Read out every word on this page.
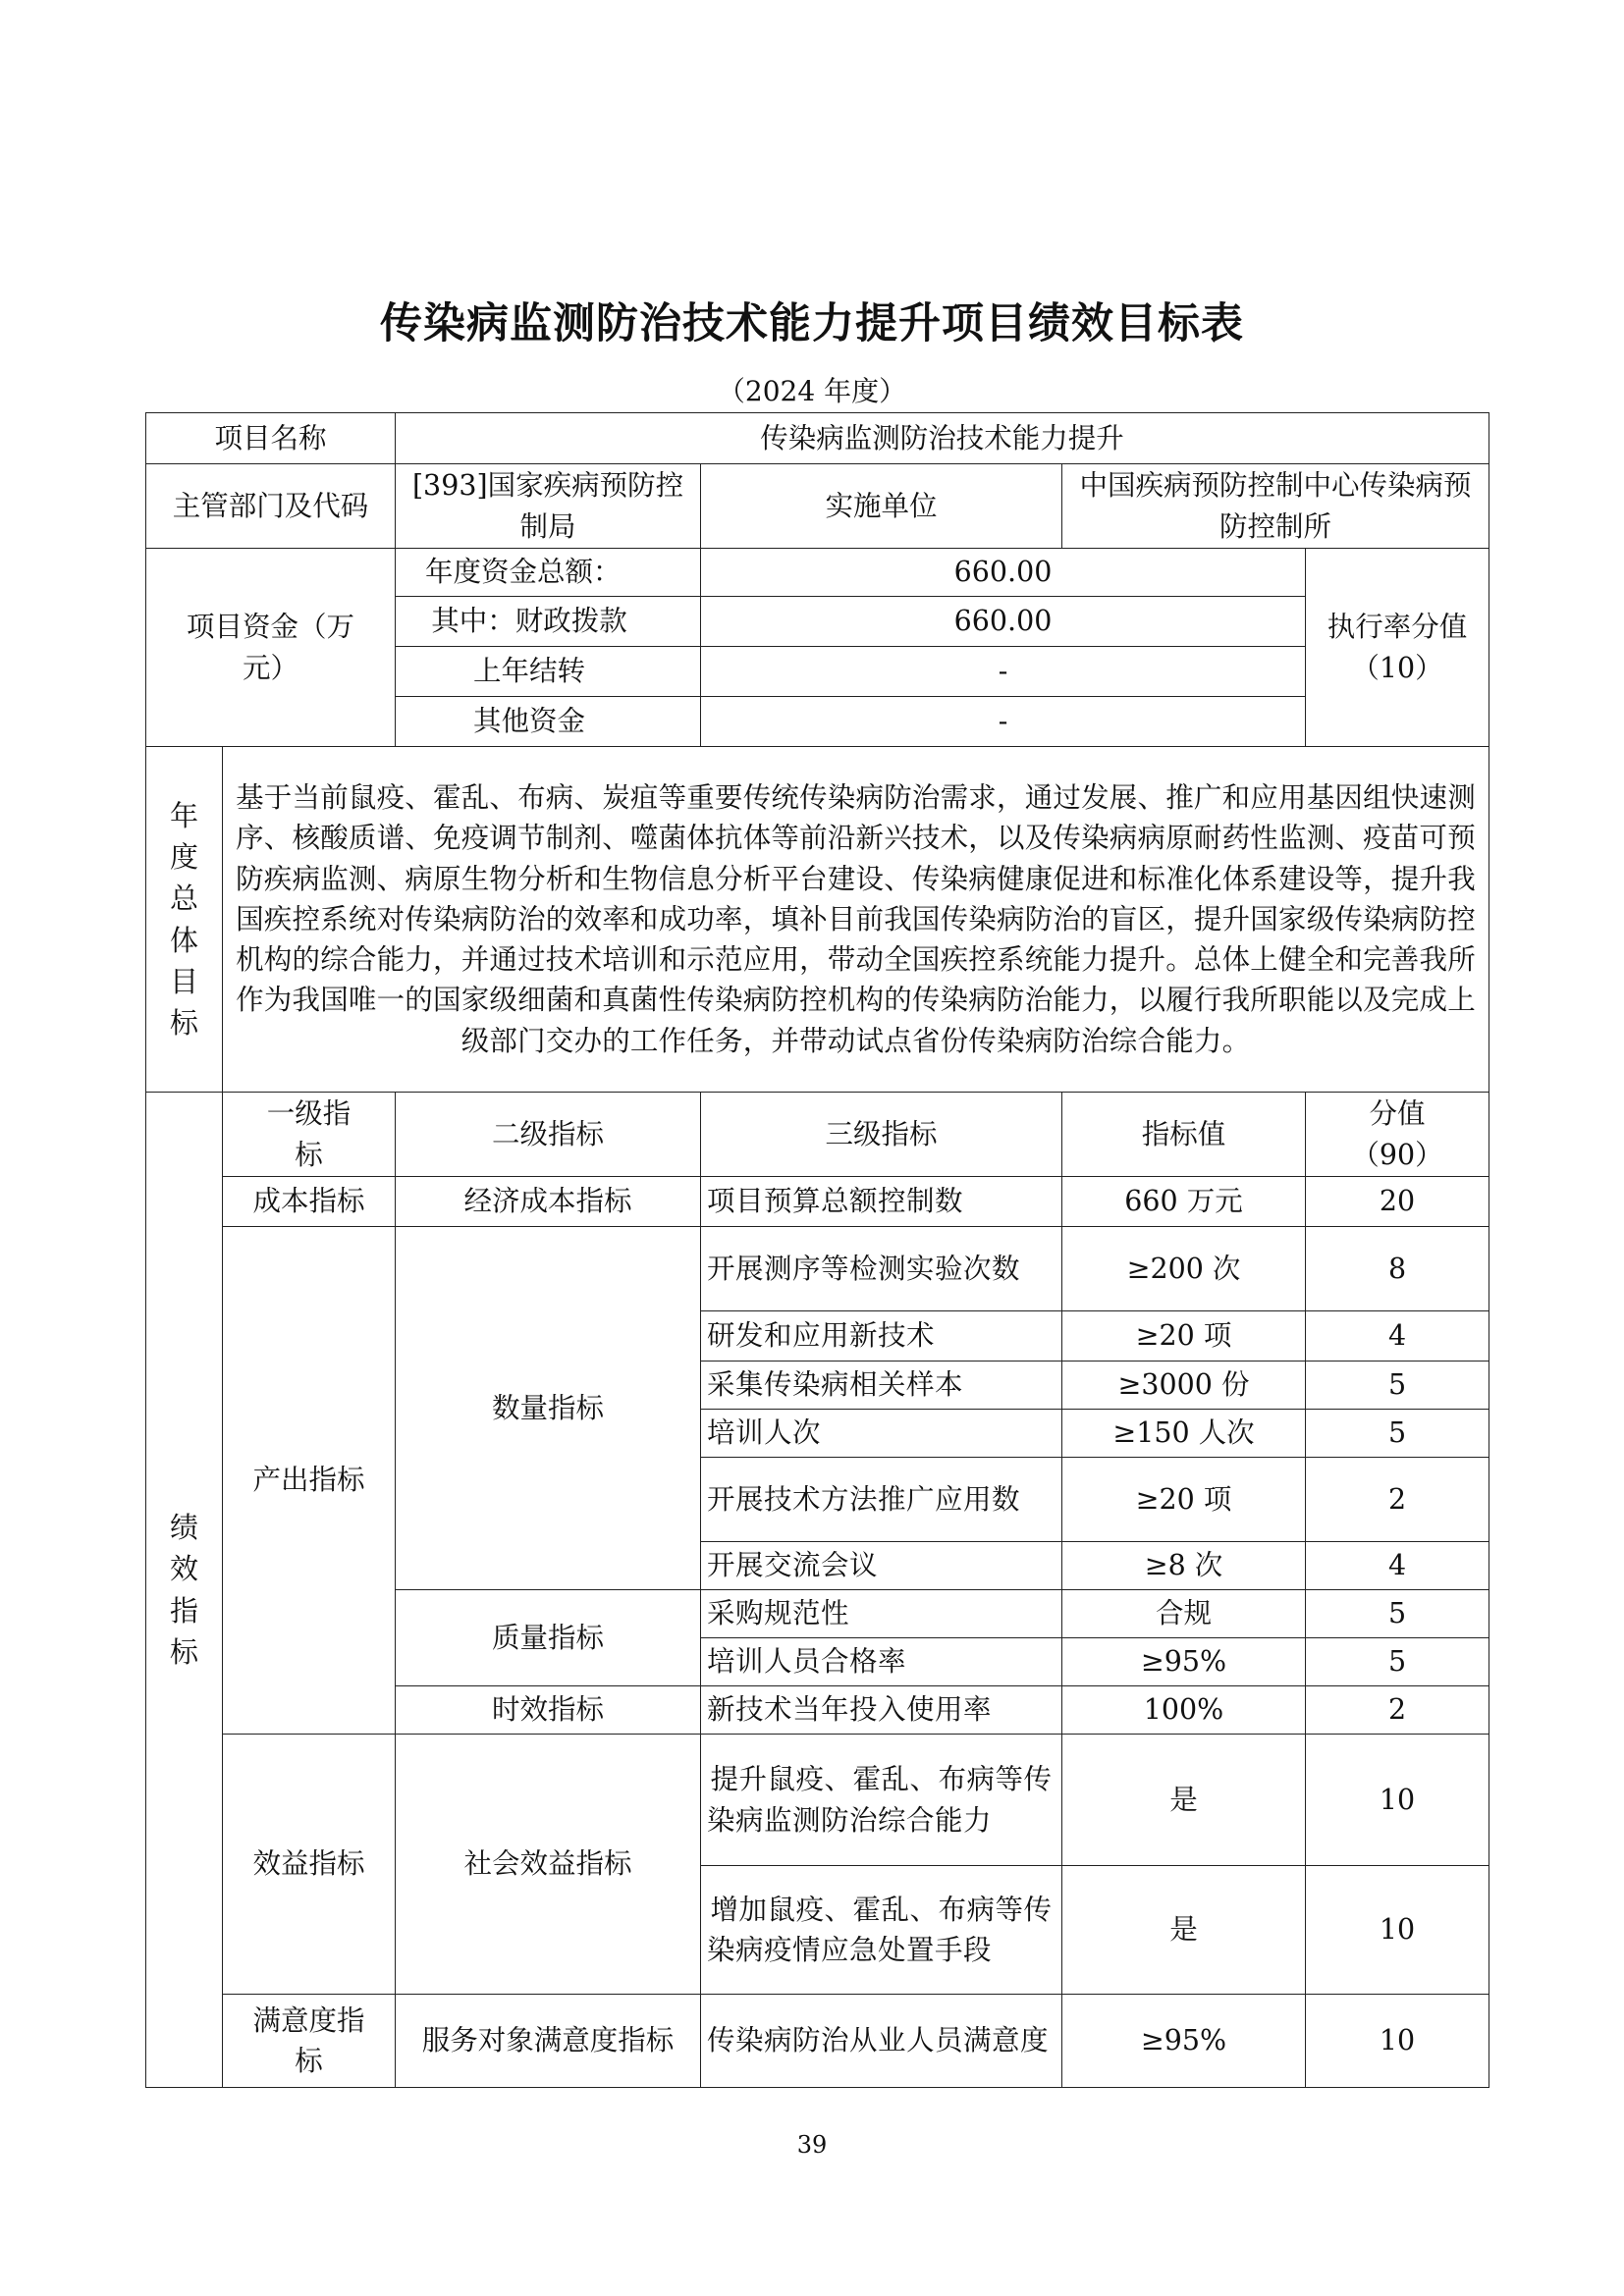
传染病监测防治技术能力提升项目绩效目标表
（2024 年度）
项目名称		传染病监测防治技术能力提升			
主管部门及代码		[393]国家疾病预防控制局	实施单位	中国疾病预防控制中心传染病预防控制所	
项目资金（万元）		年度资金总额：	660.00		执行率分值（10）
		其中：财政拨款	660.00		
		上年结转	-		
		其他资金	-		
年度总体目标	基于当前鼠疫、霍乱、布病、炭疽等重要传统传染病防治需求，通过发展、推广和应用基因组快速测序、核酸质谱、免疫调节制剂、噬菌体抗体等前沿新兴技术，以及传染病病原耐药性监测、疫苗可预防疾病监测、病原生物分析和生物信息分析平台建设、传染病健康促进和标准化体系建设等，提升我国疾控系统对传染病防治的效率和成功率，填补目前我国传染病防治的盲区，提升国家级传染病防控机构的综合能力，并通过技术培训和示范应用，带动全国疾控系统能力提升。总体上健全和完善我所作为我国唯一的国家级细菌和真菌性传染病防控机构的传染病防治能力，以履行我所职能以及完成上级部门交办的工作任务，并带动试点省份传染病防治综合能力。				
绩效指标	一级指标	二级指标	三级指标	指标值	分值（90）
	成本指标	经济成本指标	项目预算总额控制数	660 万元	20
	产出指标	数量指标	开展测序等检测实验次数	≥200 次	8
			研发和应用新技术	≥20 项	4
			采集传染病相关样本	≥3000 份	5
			培训人次	≥150 人次	5
			开展技术方法推广应用数	≥20 项	2
			开展交流会议	≥8 次	4
		质量指标	采购规范性	合规	5
			培训人员合格率	≥95%	5
		时效指标	新技术当年投入使用率	100%	2
	效益指标	社会效益指标	提升鼠疫、霍乱、布病等传染病监测防治综合能力	是	10
			增加鼠疫、霍乱、布病等传染病疫情应急处置手段	是	10
	满意度指标	服务对象满意度指标	传染病防治从业人员满意度	≥95%	10
39
